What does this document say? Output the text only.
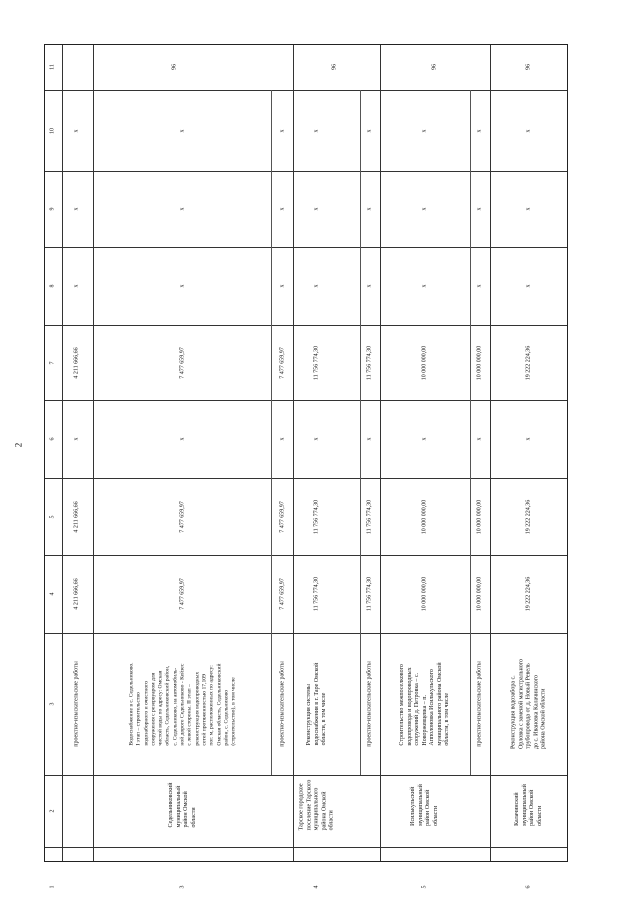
2
1
2
3
4
5
6
7
8
9
10
11
проектно-изыскательские работы
4 211 666,66
4 211 666,66
х
4 211 666,66
х
х
х
3
Седельниковский
муниципальный
район Омской
области
Водоснабжение в с. Седельниково.
I этап – строительство
водозаборного и очистного
сооружения с резервуаром для
чистой воды по адресу: Омская
область, Седельниковский район,
с. Седельниково, на автомобиль-
ной дороге Седельниково - Кейзес
с левой стороны. II этап –
реконструкция водопроводных
сетей протяженностью 17,109
пог. м, расположенных по адресу:
Омская область, Седельниковский
район, с. Седельниково
(строительство), в том числе
7 477 659,97
7 477 659,97
х
7 477 659,97
х
х
х
96
проектно-изыскательские работы
7 477 659,97
7 477 659,97
х
7 477 659,97
х
х
х
4
Тарское городское
поселение Тарского
муниципального
района Омской
области
Реконструкция системы
водоснабжения в г. Таре Омской
области, в том числе
11 756 774,30
11 756 774,30
х
11 756 774,30
х
х
х
96
проектно-изыскательские работы
11 756 774,30
11 756 774,30
х
11 756 774,30
х
х
х
5
Исилькульский
муниципальный
район Омской
области
Строительство межпоселкового
водопровода и водопроводных
сооружений д. Петровка – с.
Новоржевцевка – п.
Апполоновка Исилькульского
муниципального района Омской
области, в том числе
10 000 000,00
10 000 000,00
х
10 000 000,00
х
х
х
96
проектно-изыскательские работы
10 000 000,00
10 000 000,00
х
10 000 000,00
х
х
х
6
Калачинский
муниципальный
район Омской
области
Реконструкция водозабора с.
Орловка с заменой магистрального
трубопровода от д. Новый Ревель
до с. Ивановка Калачинского
района Омской области
19 222 224,36
19 222 224,36
х
19 222 224,36
х
х
х
96
